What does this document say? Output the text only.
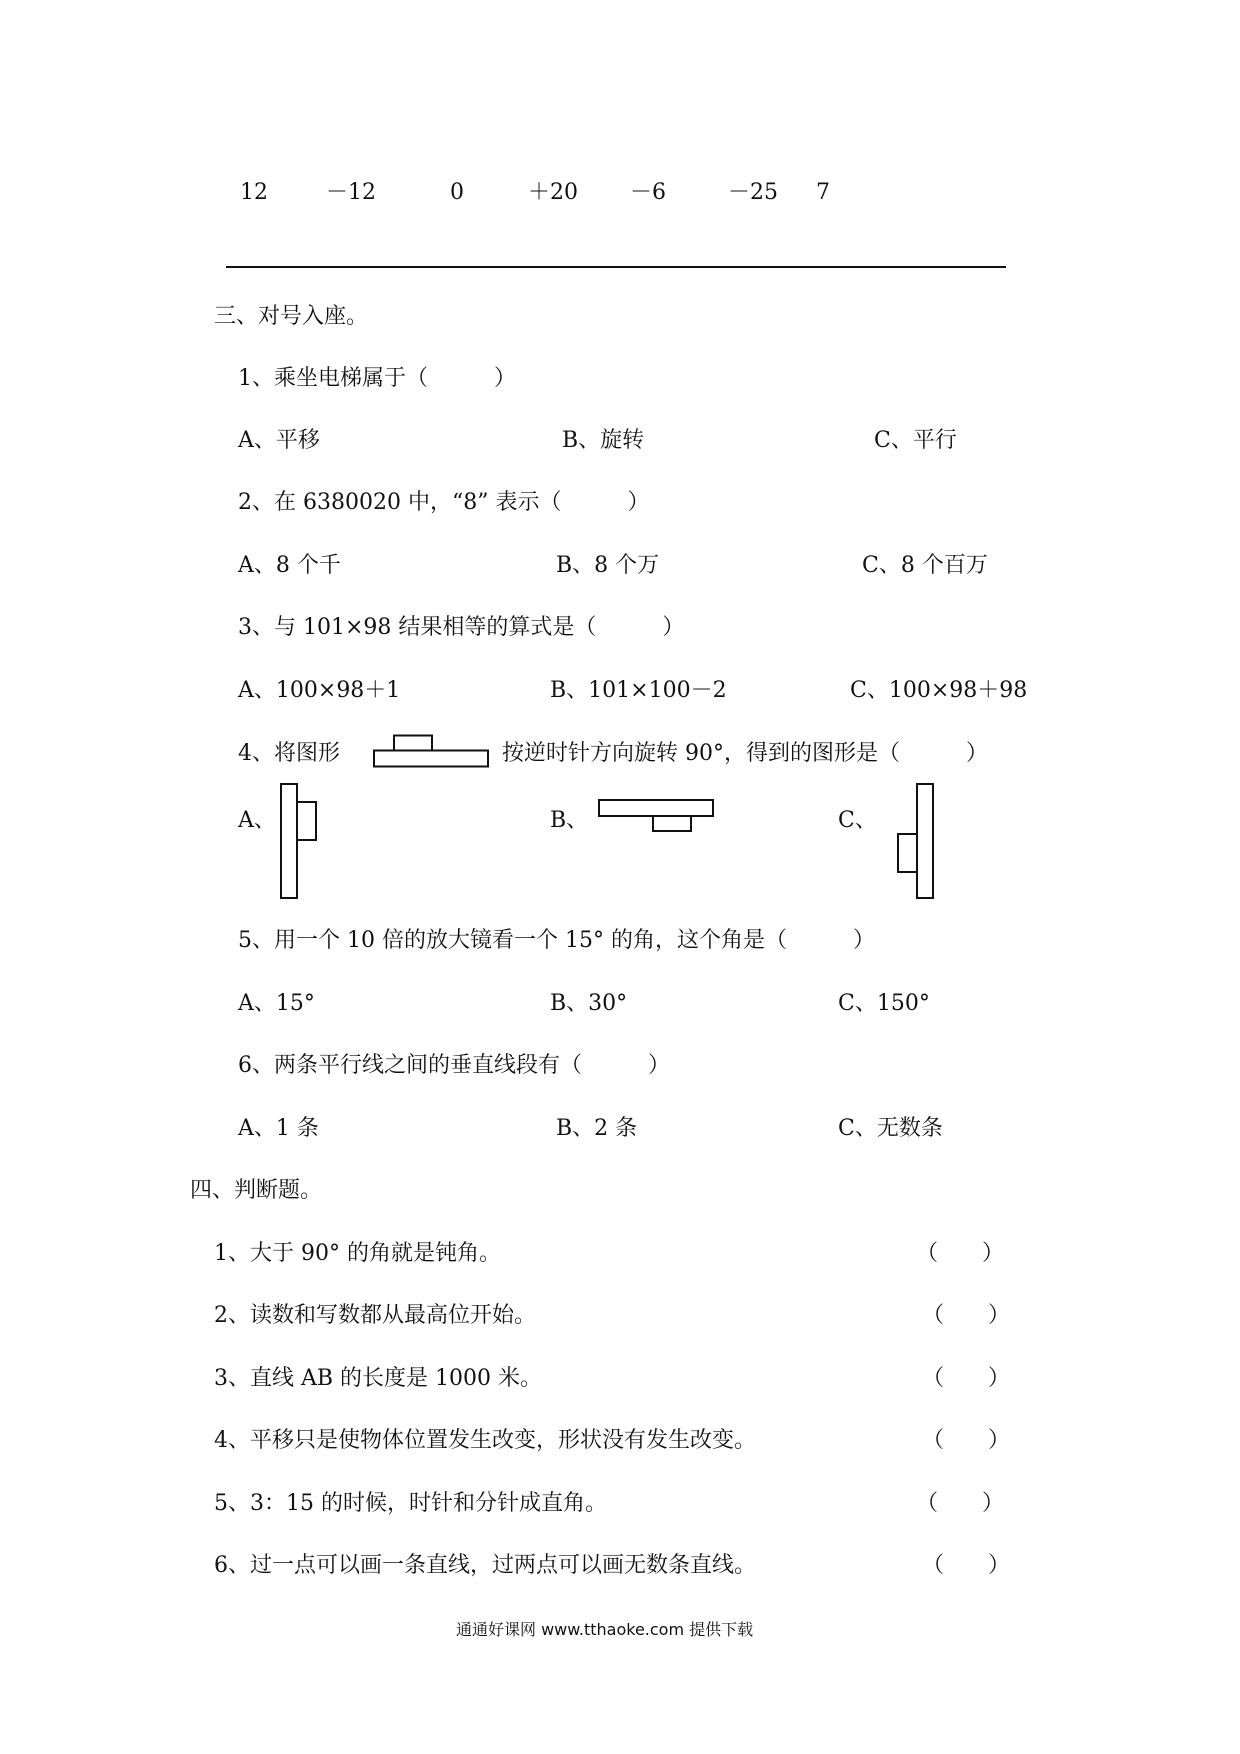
12	－12	0	＋20 －6	－25 7
三、对号入座。
1、乘坐电梯属于（　　　）
A、平移	B、旋转	C、平行
2、在 6380020 中，“8” 表示（　　　）
A、8 个千	B、8 个万	C、8 个百万
3、与 101×98 结果相等的算式是（　　　）
A、100×98＋1	B、101×100－2	C、100×98＋98
4、将图形	按逆时针方向旋转 90°，得到的图形是（　　　）
A、	B、	C、
5、用一个 10 倍的放大镜看一个 15° 的角，这个角是（　　　）
A、15°	B、30°	C、150°
6、两条平行线之间的垂直线段有（　　　）
A、1 条	B、2 条	C、无数条
四、判断题。
1、大于 90° 的角就是钝角。	（　　）
2、读数和写数都从最高位开始。	（　　）
3、直线 AB 的长度是 1000 米。	（　　）
4、平移只是使物体位置发生改变，形状没有发生改变。	（　　）
5、3：15 的时候，时针和分针成直角。	（　　）
6、过一点可以画一条直线，过两点可以画无数条直线。	（　　）
通通好课网 www.tthaoke.com 提供下载
